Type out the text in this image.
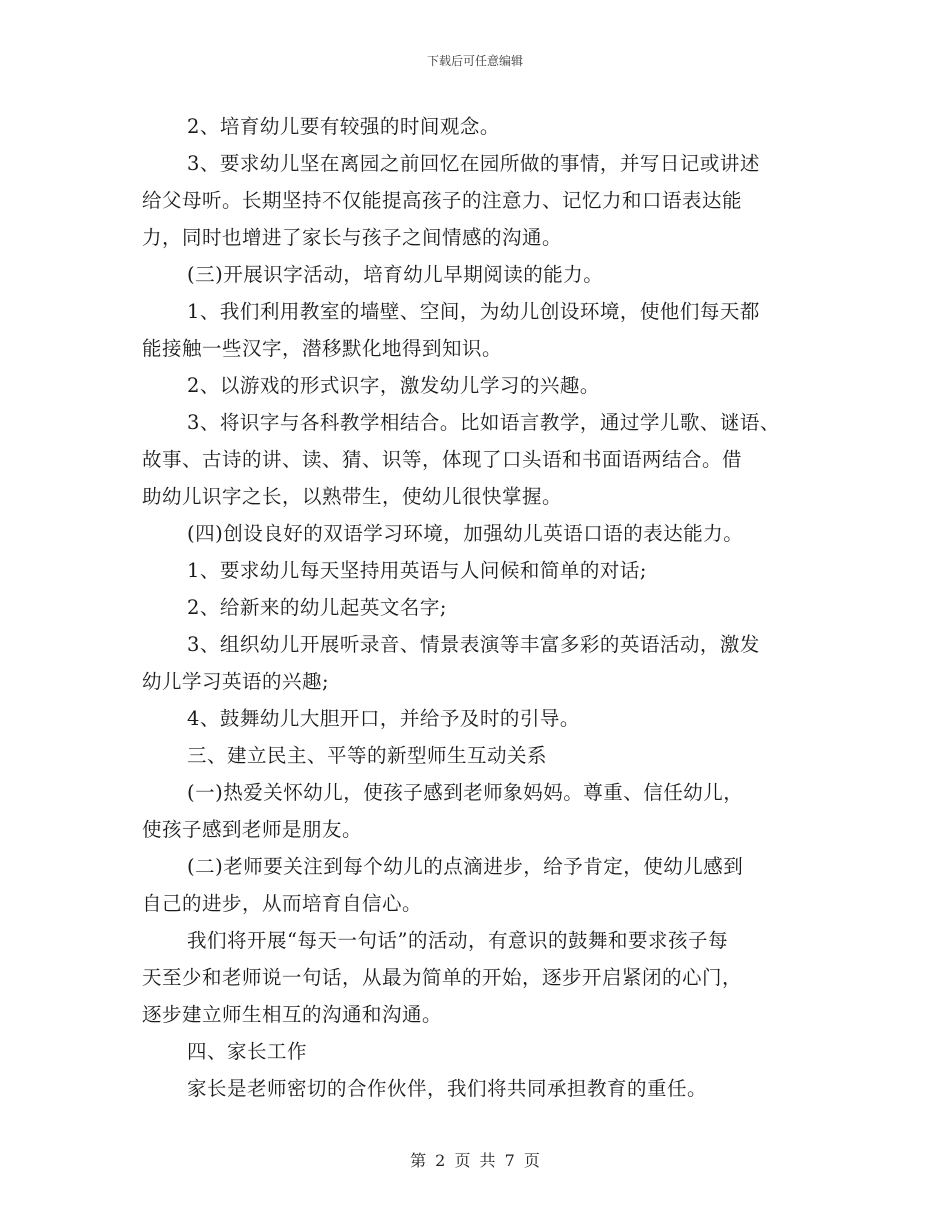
下载后可任意编辑
2、培育幼儿要有较强的时间观念。
3、要求幼儿坚在离园之前回忆在园所做的事情，并写日记或讲述
给父母听。长期坚持不仅能提高孩子的注意力、记忆力和口语表达能
力，同时也增进了家长与孩子之间情感的沟通。
(三)开展识字活动，培育幼儿早期阅读的能力。
1、我们利用教室的墙壁、空间，为幼儿创设环境，使他们每天都
能接触一些汉字，潜移默化地得到知识。
2、以游戏的形式识字，激发幼儿学习的兴趣。
3、将识字与各科教学相结合。比如语言教学，通过学儿歌、谜语、
故事、古诗的讲、读、猜、识等，体现了口头语和书面语两结合。借
助幼儿识字之长，以熟带生，使幼儿很快掌握。
(四)创设良好的双语学习环境，加强幼儿英语口语的表达能力。
1、要求幼儿每天坚持用英语与人问候和简单的对话;
2、给新来的幼儿起英文名字;
3、组织幼儿开展听录音、情景表演等丰富多彩的英语活动，激发
幼儿学习英语的兴趣;
4、鼓舞幼儿大胆开口，并给予及时的引导。
三、建立民主、平等的新型师生互动关系
(一)热爱关怀幼儿，使孩子感到老师象妈妈。尊重、信任幼儿，
使孩子感到老师是朋友。
(二)老师要关注到每个幼儿的点滴进步，给予肯定，使幼儿感到
自己的进步，从而培育自信心。
我们将开展“每天一句话”的活动，有意识的鼓舞和要求孩子每
天至少和老师说一句话，从最为简单的开始，逐步开启紧闭的心门，
逐步建立师生相互的沟通和沟通。
四、家长工作
家长是老师密切的合作伙伴，我们将共同承担教育的重任。
第 2 页 共 7 页
